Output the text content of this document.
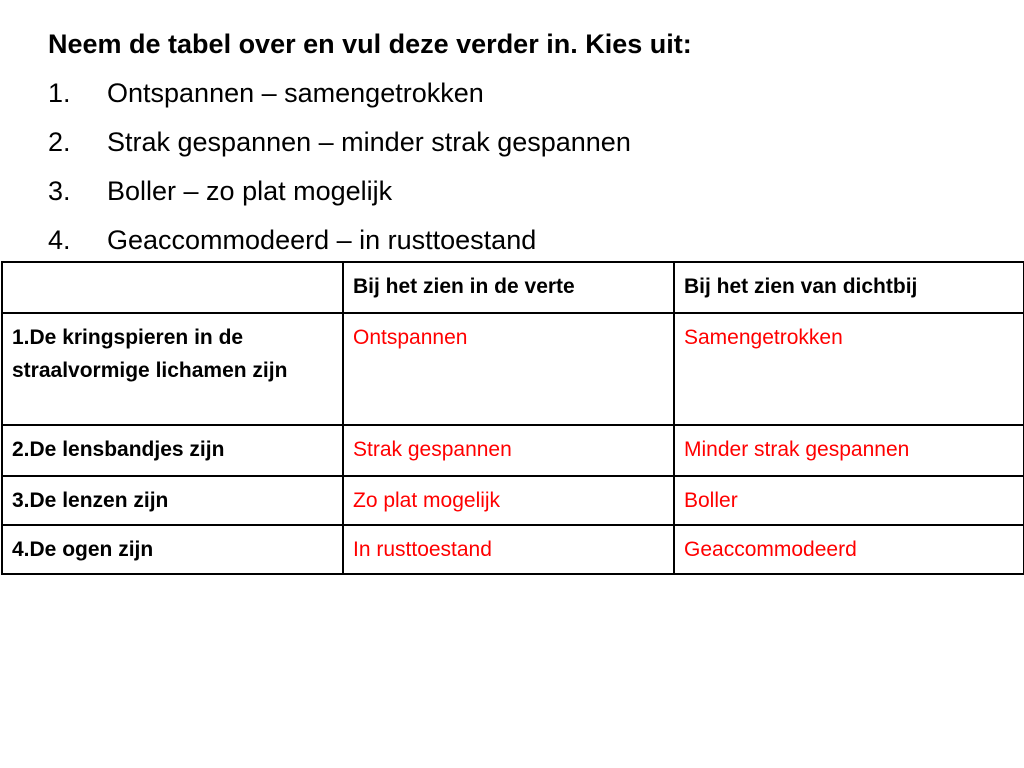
Neem de tabel over en vul deze verder in. Kies uit:

1.	Ontspannen – samengetrokken
2.	Strak gespannen – minder strak gespannen
3.	Boller – zo plat mogelijk
4.	Geaccommodeerd – in rusttoestand
	Bij het zien in de verte	Bij het zien van dichtbij
1.De kringspieren in de straalvormige lichamen zijn	Ontspannen	Samengetrokken
2.De lensbandjes zijn	Strak gespannen	Minder strak gespannen
3.De lenzen zijn	Zo plat mogelijk	Boller
4.De ogen zijn	In rusttoestand	Geaccommodeerd
